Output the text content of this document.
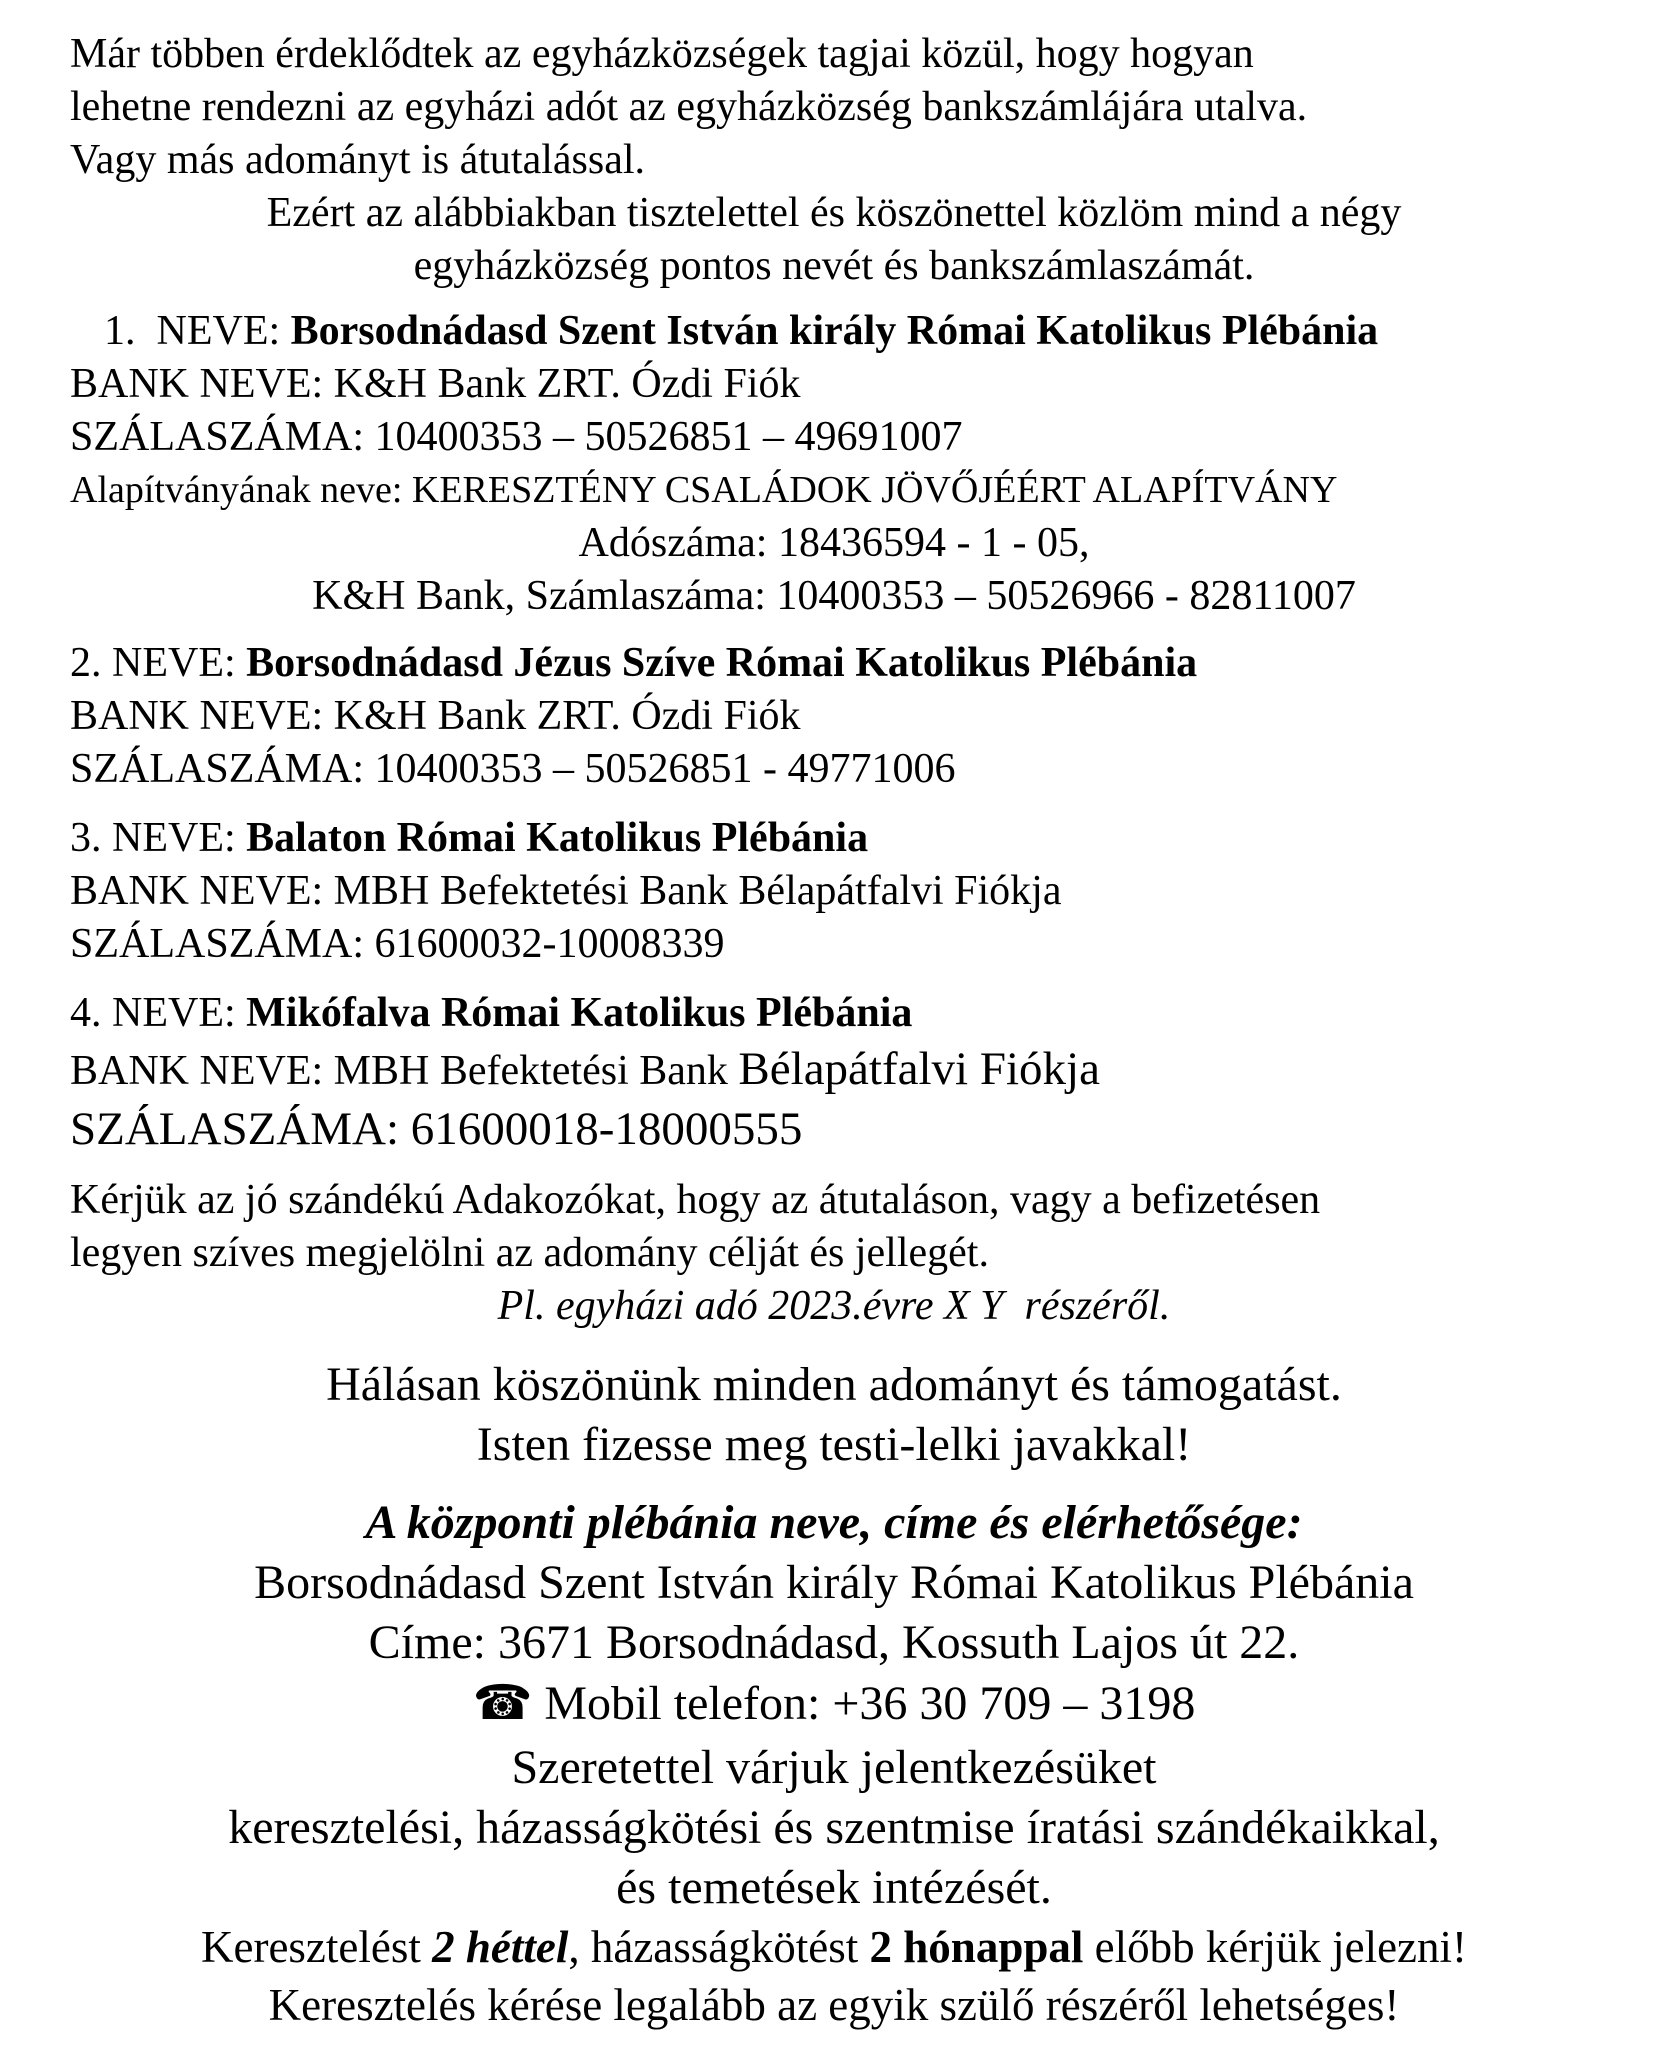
Már többen érdeklődtek az egyházközségek tagjai közül, hogy hogyan
lehetne rendezni az egyházi adót az egyházközség bankszámlájára utalva.
Vagy más adományt is átutalással.
Ezért az alábbiakban tisztelettel és köszönettel közlöm mind a négy
egyházközség pontos nevét és bankszámlaszámát.
1.  NEVE: Borsodnádasd Szent István király Római Katolikus Plébánia
BANK NEVE: K&H Bank ZRT. Ózdi Fiók
SZÁLASZÁMA: 10400353 – 50526851 – 49691007
Alapítványának neve: KERESZTÉNY CSALÁDOK JÖVŐJÉÉRT ALAPÍTVÁNY
Adószáma: 18436594 - 1 - 05,
K&H Bank, Számlaszáma: 10400353 – 50526966 - 82811007
2. NEVE: Borsodnádasd Jézus Szíve Római Katolikus Plébánia
BANK NEVE: K&H Bank ZRT. Ózdi Fiók
SZÁLASZÁMA: 10400353 – 50526851 - 49771006
3. NEVE: Balaton Római Katolikus Plébánia
BANK NEVE: MBH Befektetési Bank Bélapátfalvi Fiókja
SZÁLASZÁMA: 61600032-10008339
4. NEVE: Mikófalva Római Katolikus Plébánia
BANK NEVE: MBH Befektetési Bank Bélapátfalvi Fiókja
SZÁLASZÁMA: 61600018-18000555
Kérjük az jó szándékú Adakozókat, hogy az átutaláson, vagy a befizetésen
legyen szíves megjelölni az adomány célját és jellegét.
Pl. egyházi adó 2023.évre X Y  részéről.
Hálásan köszönünk minden adományt és támogatást.
Isten fizesse meg testi-lelki javakkal!
A központi plébánia neve, címe és elérhetősége:
Borsodnádasd Szent István király Római Katolikus Plébánia
Címe: 3671 Borsodnádasd, Kossuth Lajos út 22.
☎ Mobil telefon: +36 30 709 – 3198
Szeretettel várjuk jelentkezésüket
keresztelési, házasságkötési és szentmise íratási szándékaikkal,
és temetések intézését.
Keresztelést 2 héttel, házasságkötést 2 hónappal előbb kérjük jelezni!
Keresztelés kérése legalább az egyik szülő részéről lehetséges!
